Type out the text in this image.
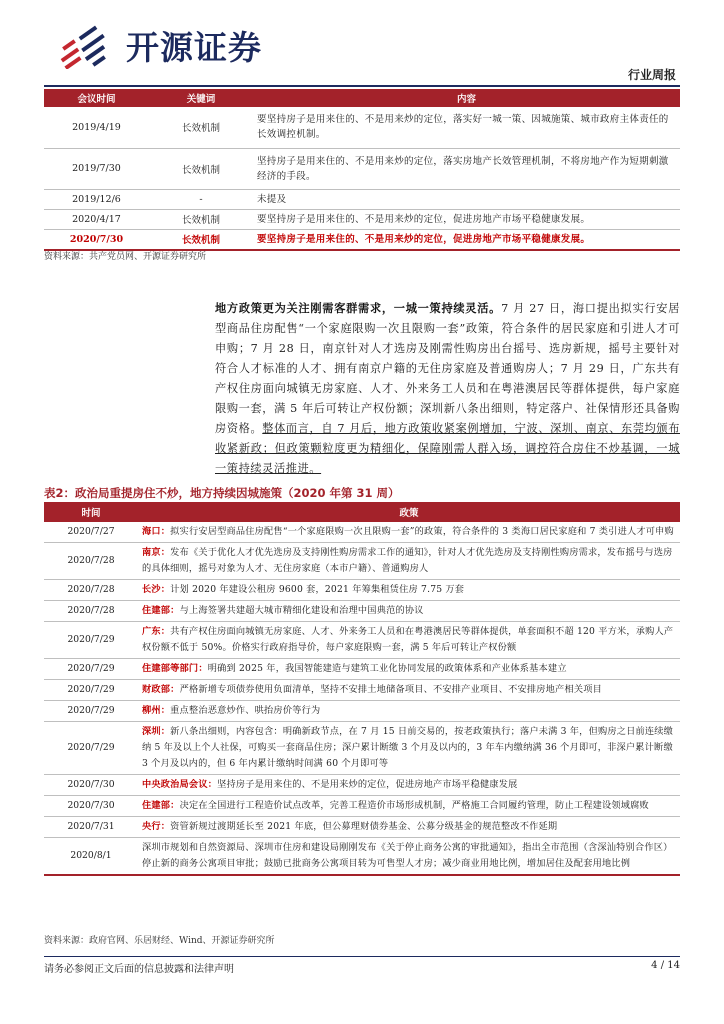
开源证券
行业周报
会议时间	关键词	内容
2019/4/19	长效机制	要坚持房子是用来住的、不是用来炒的定位，落实好一城一策、因城施策、城市政府主体责任的长效调控机制。
2019/7/30	长效机制	坚持房子是用来住的、不是用来炒的定位，落实房地产长效管理机制，不将房地产作为短期刺激经济的手段。
2019/12/6	-	未提及
2020/4/17	长效机制	要坚持房子是用来住的、不是用来炒的定位，促进房地产市场平稳健康发展。
2020/7/30	长效机制	要坚持房子是用来住的、不是用来炒的定位，促进房地产市场平稳健康发展。
资料来源：共产党员网、开源证券研究所
地方政策更为关注刚需客群需求，一城一策持续灵活。7 月 27 日，海口提出拟实行安居型商品住房配售“一个家庭限购一次且限购一套”政策，符合条件的居民家庭和引进人才可申购；7 月 28 日，南京针对人才选房及刚需性购房出台摇号、选房新规，摇号主要针对符合人才标准的人才、拥有南京户籍的无住房家庭及普通购房人；7 月 29 日，广东共有产权住房面向城镇无房家庭、人才、外来务工人员和在粤港澳居民等群体提供，每户家庭限购一套，满 5 年后可转让产权份额；深圳新八条出细则，特定落户、社保情形还具备购房资格。整体而言，自 7 月后，地方政策收紧案例增加，宁波、深圳、南京、东莞均颁布收紧新政；但政策颗粒度更为精细化，保障刚需人群入场，调控符合房住不炒基调，一城一策持续灵活推进。
表2：政治局重提房住不炒，地方持续因城施策（2020 年第 31 周）
时间	政策
2020/7/27	海口：拟实行安居型商品住房配售“一个家庭限购一次且限购一套”的政策，符合条件的 3 类海口居民家庭和 7 类引进人才可申购
2020/7/28	南京：发布《关于优化人才优先选房及支持刚性购房需求工作的通知》，针对人才优先选房及支持刚性购房需求，发布摇号与选房的具体细则，摇号对象为人才、无住房家庭（本市户籍）、普通购房人
2020/7/28	长沙：计划 2020 年建设公租房 9600 套，2021 年筹集租赁住房 7.75 万套
2020/7/28	住建部：与上海签署共建超大城市精细化建设和治理中国典范的协议
2020/7/29	广东：共有产权住房面向城镇无房家庭、人才、外来务工人员和在粤港澳居民等群体提供，单套面积不超 120 平方米，承购人产权份额不低于 50%。价格实行政府指导价，每户家庭限购一套，满 5 年后可转让产权份额
2020/7/29	住建部等部门：明确到 2025 年，我国智能建造与建筑工业化协同发展的政策体系和产业体系基本建立
2020/7/29	财政部：严格新增专项债券使用负面清单，坚持不安排土地储备项目、不安排产业项目、不安排房地产相关项目
2020/7/29	柳州：重点整治恶意炒作、哄抬房价等行为
2020/7/29	深圳：新八条出细则，内容包含：明确新政节点，在 7 月 15 日前交易的，按老政策执行；落户未满 3 年，但购房之日前连续缴纳 5 年及以上个人社保，可购买一套商品住房；深户累计断缴 3 个月及以内的，3 年车内缴纳满 36 个月即可，非深户累计断缴 3 个月及以内的，但 6 年内累计缴纳时间满 60 个月即可等
2020/7/30	中央政治局会议：坚持房子是用来住的、不是用来炒的定位，促进房地产市场平稳健康发展
2020/7/30	住建部：决定在全国进行工程造价试点改革，完善工程造价市场形成机制，严格施工合同履约管理，防止工程建设领域腐败
2020/7/31	央行：资管新规过渡期延长至 2021 年底，但公募理财债券基金、公募分级基金的规范整改不作延期
2020/8/1	深圳市规划和自然资源局、深圳市住房和建设局刚刚发布《关于停止商务公寓的审批通知》，指出全市范围（含深汕特别合作区）停止新的商务公寓项目审批；鼓励已批商务公寓项目转为可售型人才房；减少商业用地比例，增加居住及配套用地比例
资料来源：政府官网、乐居财经、Wind、开源证券研究所
请务必参阅正文后面的信息披露和法律声明	4 / 14
